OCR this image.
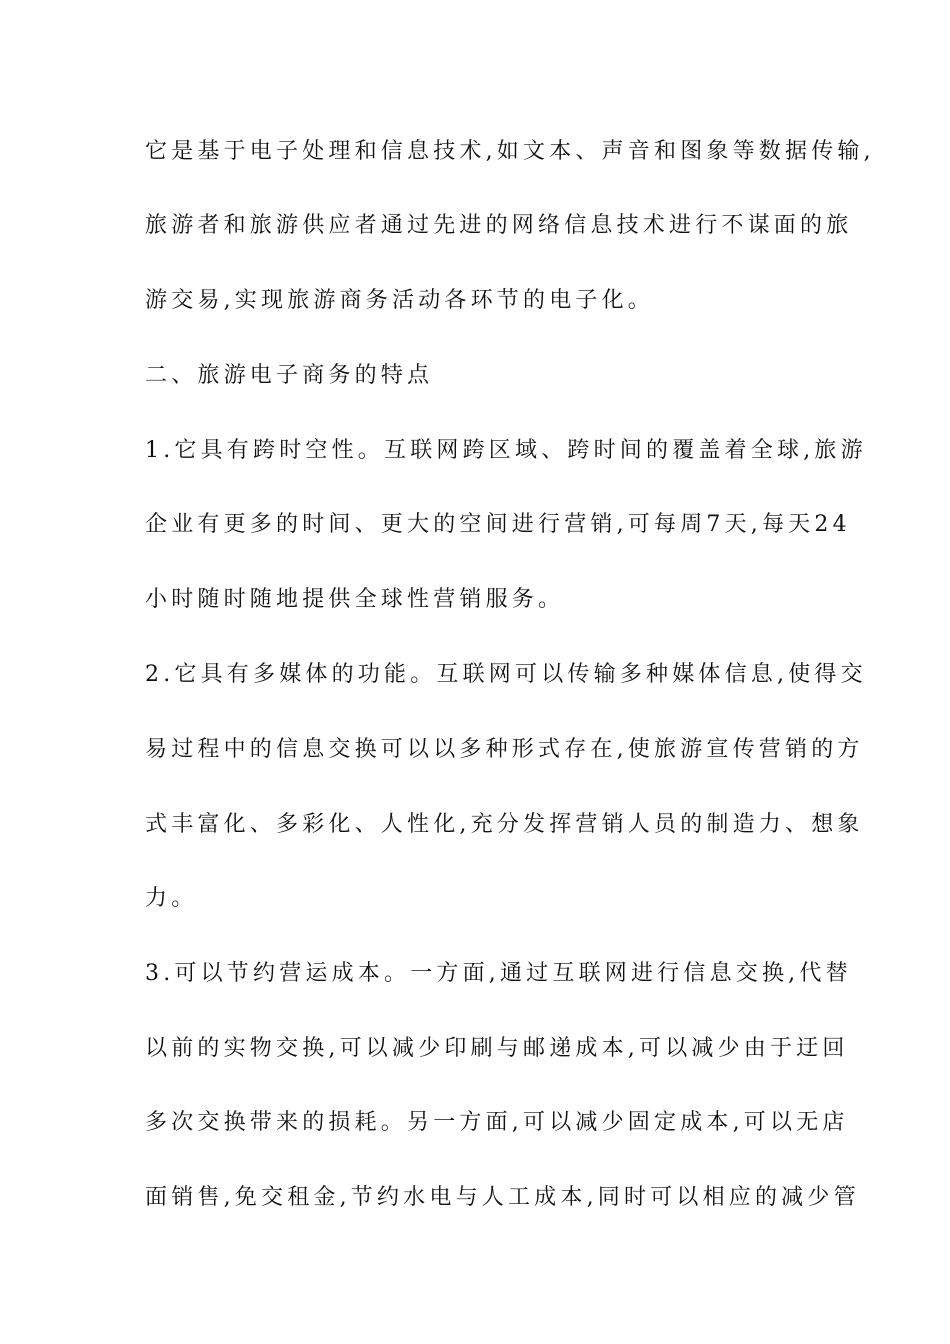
它是基于电子处理和信息技术,如文本、声音和图象等数据传输,

旅游者和旅游供应者通过先进的网络信息技术进行不谋面的旅

游交易,实现旅游商务活动各环节的电子化。

二、旅游电子商务的特点

1.它具有跨时空性。互联网跨区域、跨时间的覆盖着全球,旅游

企业有更多的时间、更大的空间进行营销,可每周7天,每天24

小时随时随地提供全球性营销服务。

2.它具有多媒体的功能。互联网可以传输多种媒体信息,使得交

易过程中的信息交换可以以多种形式存在,使旅游宣传营销的方

式丰富化、多彩化、人性化,充分发挥营销人员的制造力、想象

力。

3.可以节约营运成本。一方面,通过互联网进行信息交换,代替

以前的实物交换,可以减少印刷与邮递成本,可以减少由于迂回

多次交换带来的损耗。另一方面,可以减少固定成本,可以无店

面销售,免交租金,节约水电与人工成本,同时可以相应的减少管
